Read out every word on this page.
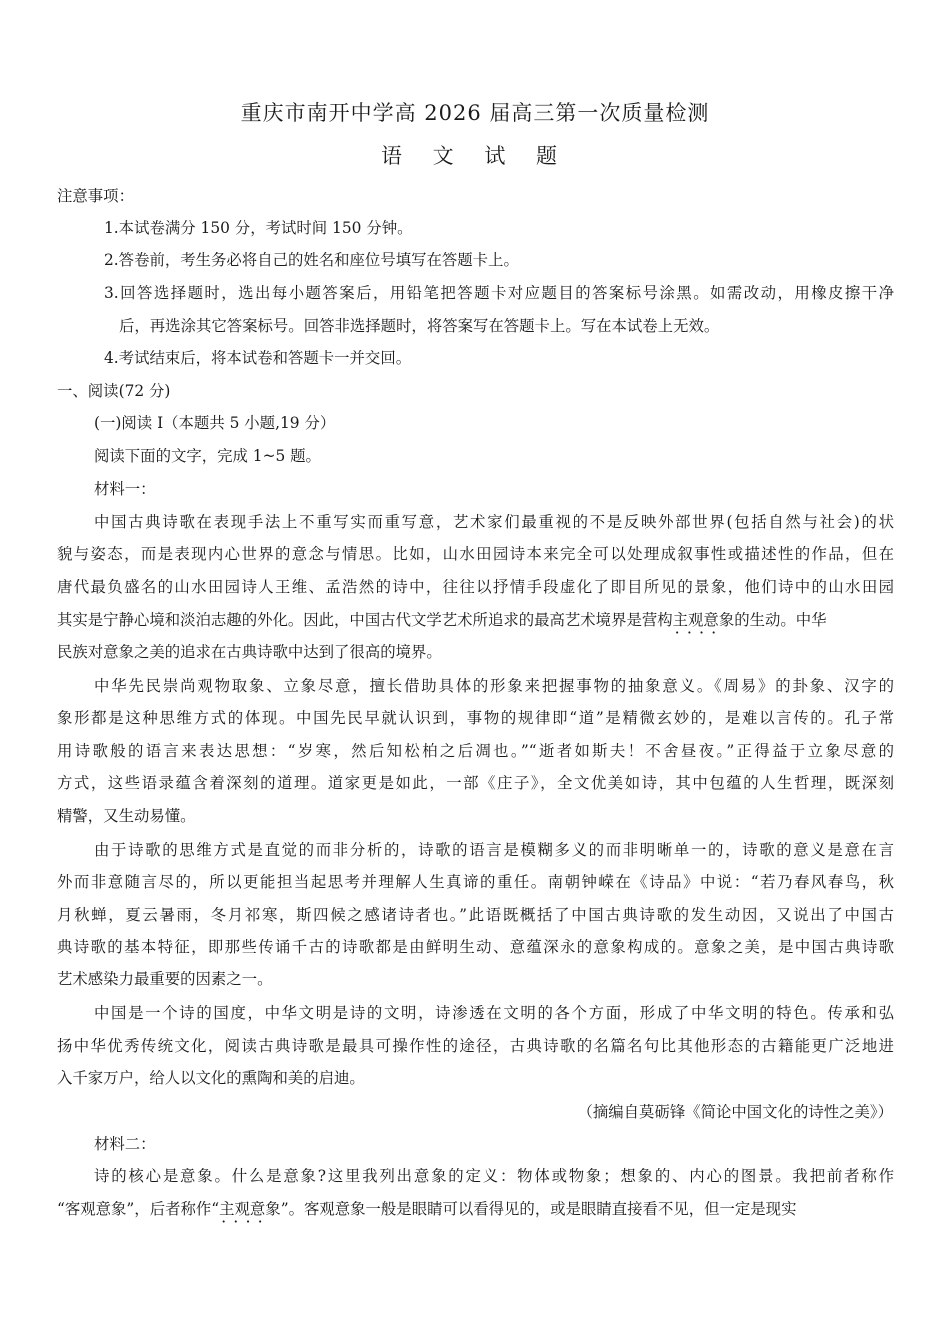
重庆市南开中学高 2026 届高三第一次质量检测
语 文 试 题
注意事项：
1.本试卷满分 150 分，考试时间 150 分钟。
2.答卷前，考生务必将自己的姓名和座位号填写在答题卡上。
3.回答选择题时，选出每小题答案后，用铅笔把答题卡对应题目的答案标号涂黑。如需改动，用橡皮擦干净
后，再选涂其它答案标号。回答非选择题时，将答案写在答题卡上。写在本试卷上无效。
4.考试结束后，将本试卷和答题卡一并交回。
一、阅读(72 分)
(一)阅读 I（本题共 5 小题,19 分）
阅读下面的文字，完成 1~5 题。
材料一：
中国古典诗歌在表现手法上不重写实而重写意，艺术家们最重视的不是反映外部世界(包括自然与社会)的状
貌与姿态，而是表现内心世界的意念与情思。比如，山水田园诗本来完全可以处理成叙事性或描述性的作品，但在
唐代最负盛名的山水田园诗人王维、孟浩然的诗中，往往以抒情手段虚化了即目所见的景象，他们诗中的山水田园
其实是宁静心境和淡泊志趣的外化。因此，中国古代文学艺术所追求的最高艺术境界是营构主观意象 · ·的生动。中华
民族对意象之美的追求在古典诗歌中达到了很高的境界。
中华先民崇尚观物取象、立象尽意，擅长借助具体的形象来把握事物的抽象意义。《周易》的卦象、汉字的
象形都是这种思维方式的体现。中国先民早就认识到，事物的规律即“道”是精微玄妙的，是难以言传的。孔子常
用诗歌般的语言来表达思想：“岁寒，然后知松柏之后凋也。”“逝者如斯夫！不舍昼夜。”正得益于立象尽意的
方式，这些语录蕴含着深刻的道理。道家更是如此，一部《庄子》，全文优美如诗，其中包蕴的人生哲理，既深刻
精警，又生动易懂。
由于诗歌的思维方式是直觉的而非分析的，诗歌的语言是模糊多义的而非明晰单一的，诗歌的意义是意在言
外而非意随言尽的，所以更能担当起思考并理解人生真谛的重任。南朝钟嵘在《诗品》中说：“若乃春风春鸟，秋
月秋蝉，夏云暑雨，冬月祁寒，斯四候之感诸诗者也。”此语既概括了中国古典诗歌的发生动因，又说出了中国古
典诗歌的基本特征，即那些传诵千古的诗歌都是由鲜明生动、意蕴深永的意象构成的。意象之美，是中国古典诗歌
艺术感染力最重要的因素之一。
中国是一个诗的国度，中华文明是诗的文明，诗渗透在文明的各个方面，形成了中华文明的特色。传承和弘
扬中华优秀传统文化，阅读古典诗歌是最具可操作性的途径，古典诗歌的名篇名句比其他形态的古籍能更广泛地进
入千家万户，给人以文化的熏陶和美的启迪。
（摘编自莫砺锋《简论中国文化的诗性之美》）
材料二：
诗的核心是意象。什么是意象?这里我列出意象的定义：物体或物象；想象的、内心的图景。我把前者称作
“客观意象”，后者称作“主观意象 · ·”。客观意象一般是眼睛可以看得见的，或是眼睛直接看不见，但一定是现实
